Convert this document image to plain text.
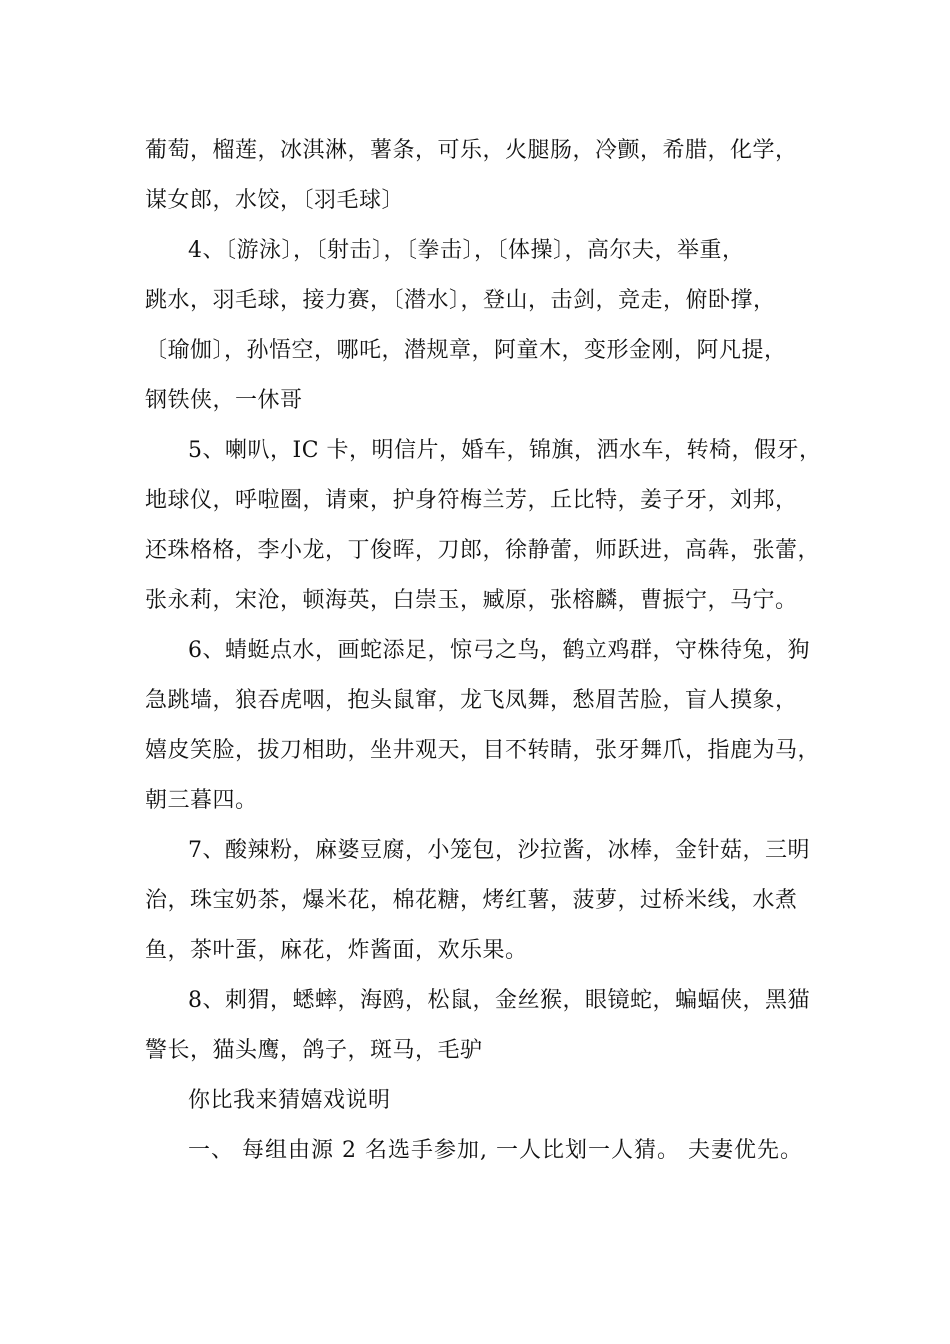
葡萄，榴莲，冰淇淋，薯条，可乐，火腿肠，冷颤，希腊，化学，
谋女郎，水饺，〔羽毛球〕
4、〔游泳〕，〔射击〕，〔拳击〕，〔体操〕，高尔夫，举重，
跳水，羽毛球，接力赛，〔潜水〕，登山，击剑，竞走，俯卧撑，
〔瑜伽〕，孙悟空，哪吒，潜规章，阿童木，变形金刚，阿凡提，
钢铁侠，一休哥
5、喇叭，IC 卡，明信片，婚车，锦旗，洒水车，转椅，假牙，
地球仪，呼啦圈，请柬，护身符梅兰芳，丘比特，姜子牙，刘邦，
还珠格格，李小龙，丁俊晖，刀郎，徐静蕾，师跃进，高犇，张蕾，
张永莉，宋沧，顿海英，白崇玉，臧原，张榕麟，曹振宁，马宁。
6、蜻蜓点水，画蛇添足，惊弓之鸟，鹤立鸡群，守株待兔，狗
急跳墙，狼吞虎咽，抱头鼠窜，龙飞凤舞，愁眉苦脸，盲人摸象，
嬉皮笑脸，拔刀相助，坐井观天，目不转睛，张牙舞爪，指鹿为马，
朝三暮四。
7、酸辣粉，麻婆豆腐，小笼包，沙拉酱，冰棒，金针菇，三明
治，珠宝奶茶，爆米花，棉花糖，烤红薯，菠萝，过桥米线，水煮
鱼，茶叶蛋，麻花，炸酱面，欢乐果。
8、刺猬，蟋蟀，海鸥，松鼠，金丝猴，眼镜蛇，蝙蝠侠，黑猫
警长，猫头鹰，鸽子，斑马，毛驴
你比我来猜嬉戏说明
一、 每组由源 2 名选手参加, 一人比划一人猜。 夫妻优先。
